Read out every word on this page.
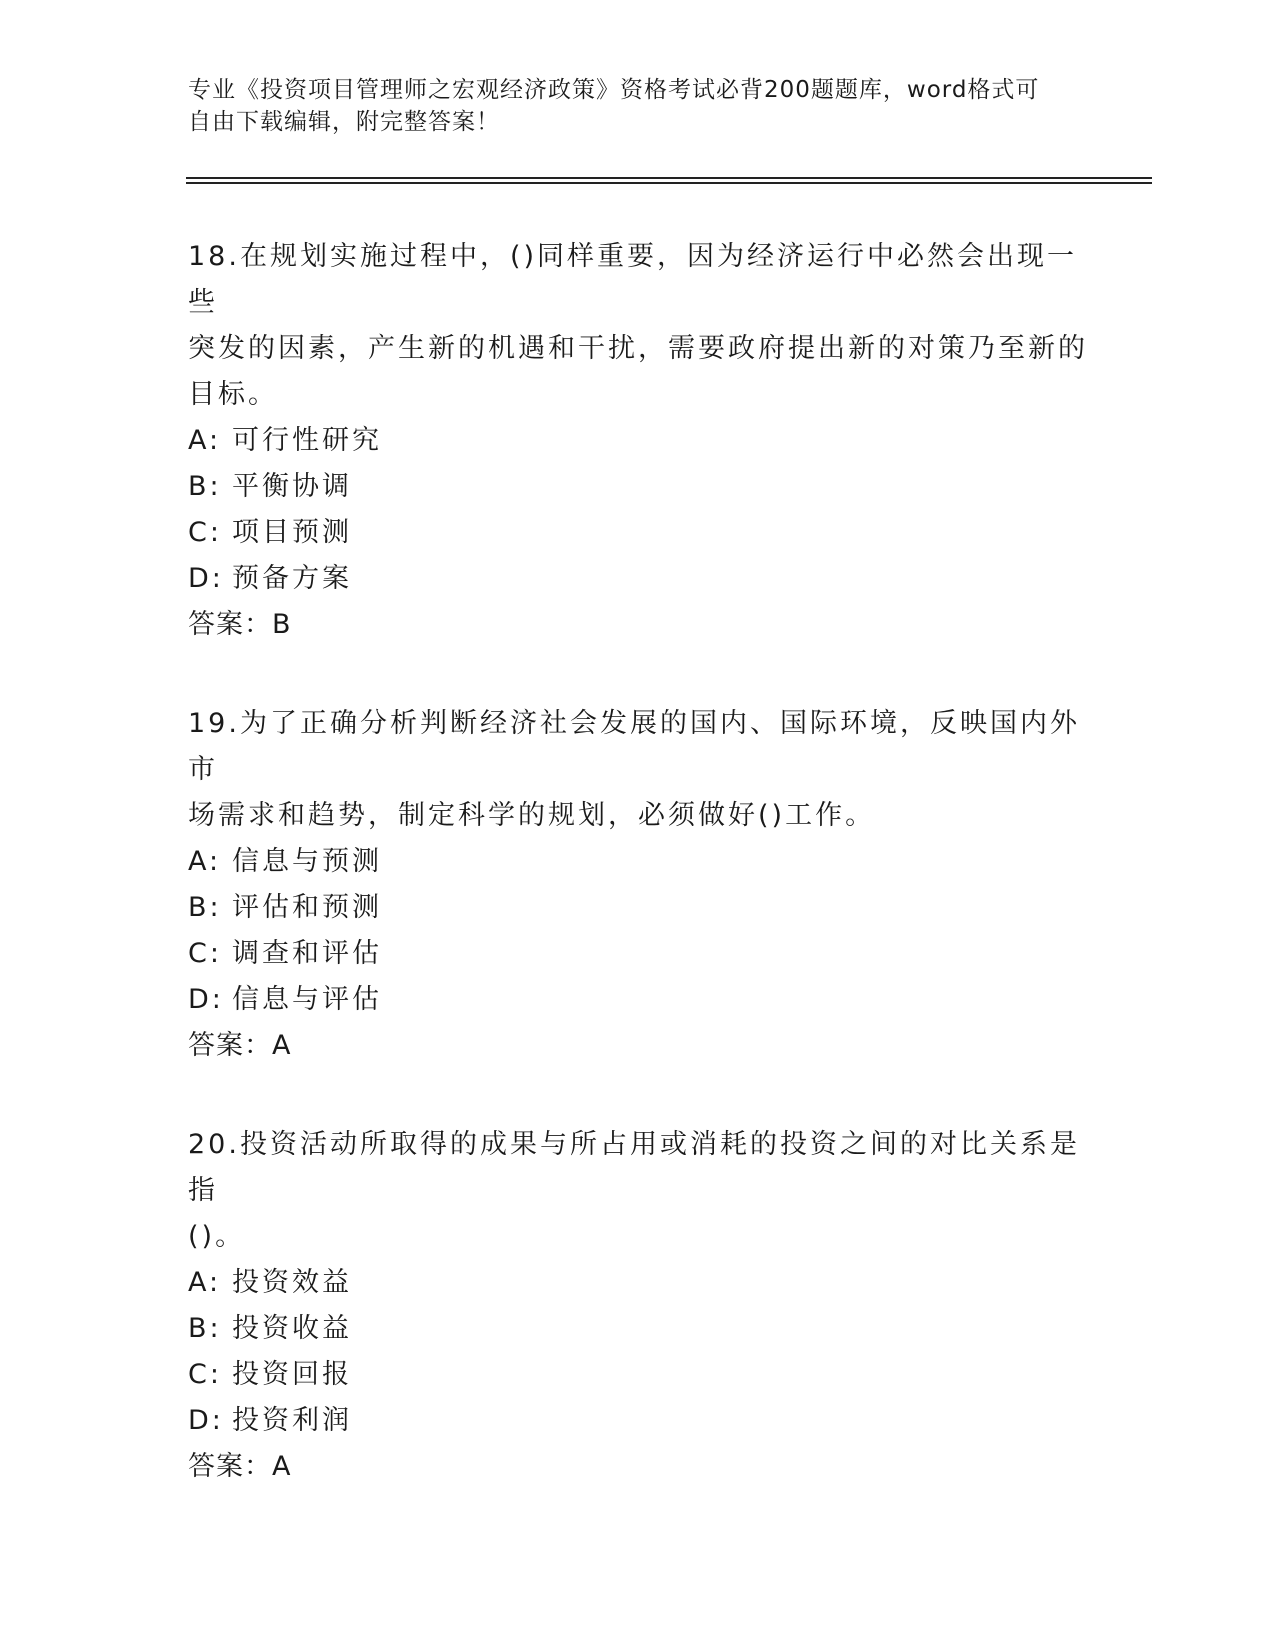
专业《投资项目管理师之宏观经济政策》资格考试必背200题题库，word格式可
自由下载编辑，附完整答案！
18.在规划实施过程中，()同样重要，因为经济运行中必然会出现一些
突发的因素，产生新的机遇和干扰，需要政府提出新的对策乃至新的
目标。
A: 可行性研究
B: 平衡协调
C: 项目预测
D: 预备方案
答案：B
19.为了正确分析判断经济社会发展的国内、国际环境，反映国内外市
场需求和趋势，制定科学的规划，必须做好()工作。
A: 信息与预测
B: 评估和预测
C: 调查和评估
D: 信息与评估
答案：A
20.投资活动所取得的成果与所占用或消耗的投资之间的对比关系是指
()。
A: 投资效益
B: 投资收益
C: 投资回报
D: 投资利润
答案：A
